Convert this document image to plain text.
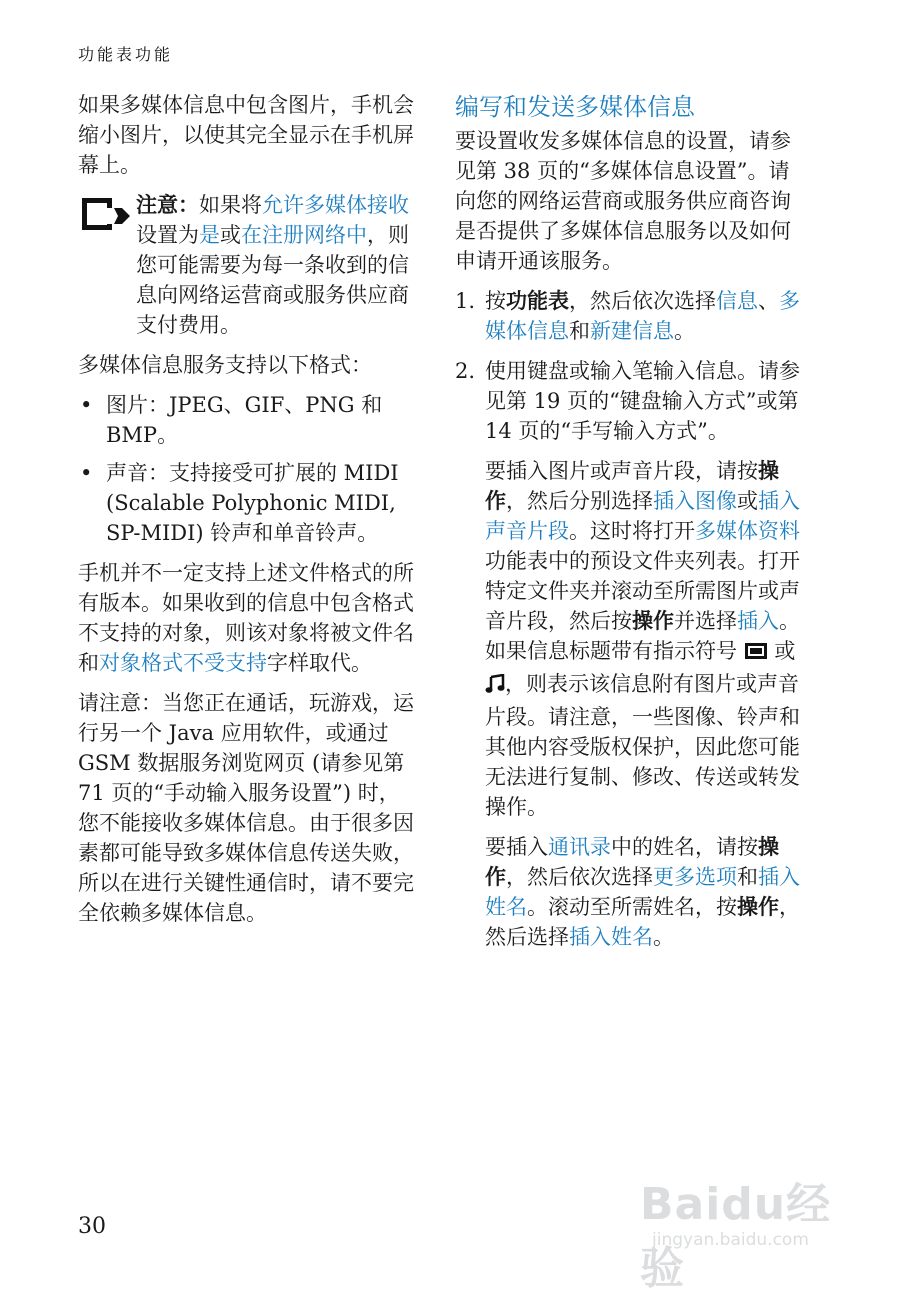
功能表功能

如果多媒体信息中包含图片，手机会缩小图片，以使其完全显示在手机屏幕上。

注意：如果将允许多媒体接收设置为是或在注册网络中，则您可能需要为每一条收到的信息向网络运营商或服务供应商支付费用。

多媒体信息服务支持以下格式：

• 图片：JPEG、GIF、PNG 和 BMP。
• 声音：支持接受可扩展的 MIDI (Scalable Polyphonic MIDI, SP-MIDI) 铃声和单音铃声。

手机并不一定支持上述文件格式的所有版本。如果收到的信息中包含格式不支持的对象，则该对象将被文件名和对象格式不受支持字样取代。

请注意：当您正在通话，玩游戏，运行另一个 Java 应用软件，或通过 GSM 数据服务浏览网页 (请参见第 71 页的“手动输入服务设置”) 时，您不能接收多媒体信息。由于很多因素都可能导致多媒体信息传送失败，所以在进行关键性通信时，请不要完全依赖多媒体信息。

编写和发送多媒体信息

要设置收发多媒体信息的设置，请参见第 38 页的“多媒体信息设置”。请向您的网络运营商或服务供应商咨询是否提供了多媒体信息服务以及如何申请开通该服务。

1. 按功能表，然后依次选择信息、多媒体信息和新建信息。

2. 使用键盘或输入笔输入信息。请参见第 19 页的“键盘输入方式”或第 14 页的“手写输入方式”。

要插入图片或声音片段，请按操作，然后分别选择插入图像或插入声音片段。这时将打开多媒体资料功能表中的预设文件夹列表。打开特定文件夹并滚动至所需图片或声音片段，然后按操作并选择插入。如果信息标题带有指示符号 或 ，则表示该信息附有图片或声音片段。请注意，一些图像、铃声和其他内容受版权保护，因此您可能无法进行复制、修改、传送或转发操作。

要插入通讯录中的姓名，请按操作，然后依次选择更多选项和插入姓名。滚动至所需姓名，按操作，然后选择插入姓名。

30	Baidu经验
jingyan.baidu.com
